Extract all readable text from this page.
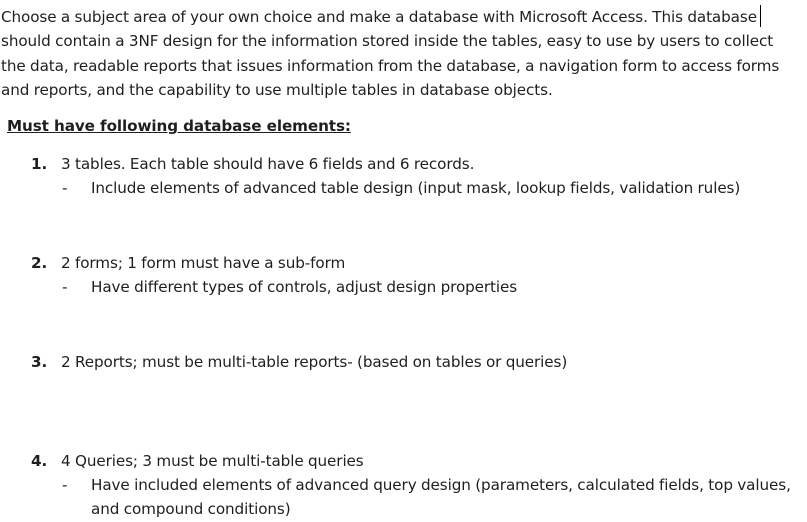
Choose a subject area of your own choice and make a database with Microsoft Access. This database
should contain a 3NF design for the information stored inside the tables, easy to use by users to collect
the data, readable reports that issues information from the database, a navigation form to access forms
and reports, and the capability to use multiple tables in database objects.
Must have following database elements:
1. 3 tables. Each table should have 6 fields and 6 records.
- Include elements of advanced table design (input mask, lookup fields, validation rules)
2. 2 forms; 1 form must have a sub-form
- Have different types of controls, adjust design properties
3. 2 Reports; must be multi-table reports- (based on tables or queries)
4. 4 Queries; 3 must be multi-table queries
- Have included elements of advanced query design (parameters, calculated fields, top values,
and compound conditions)
